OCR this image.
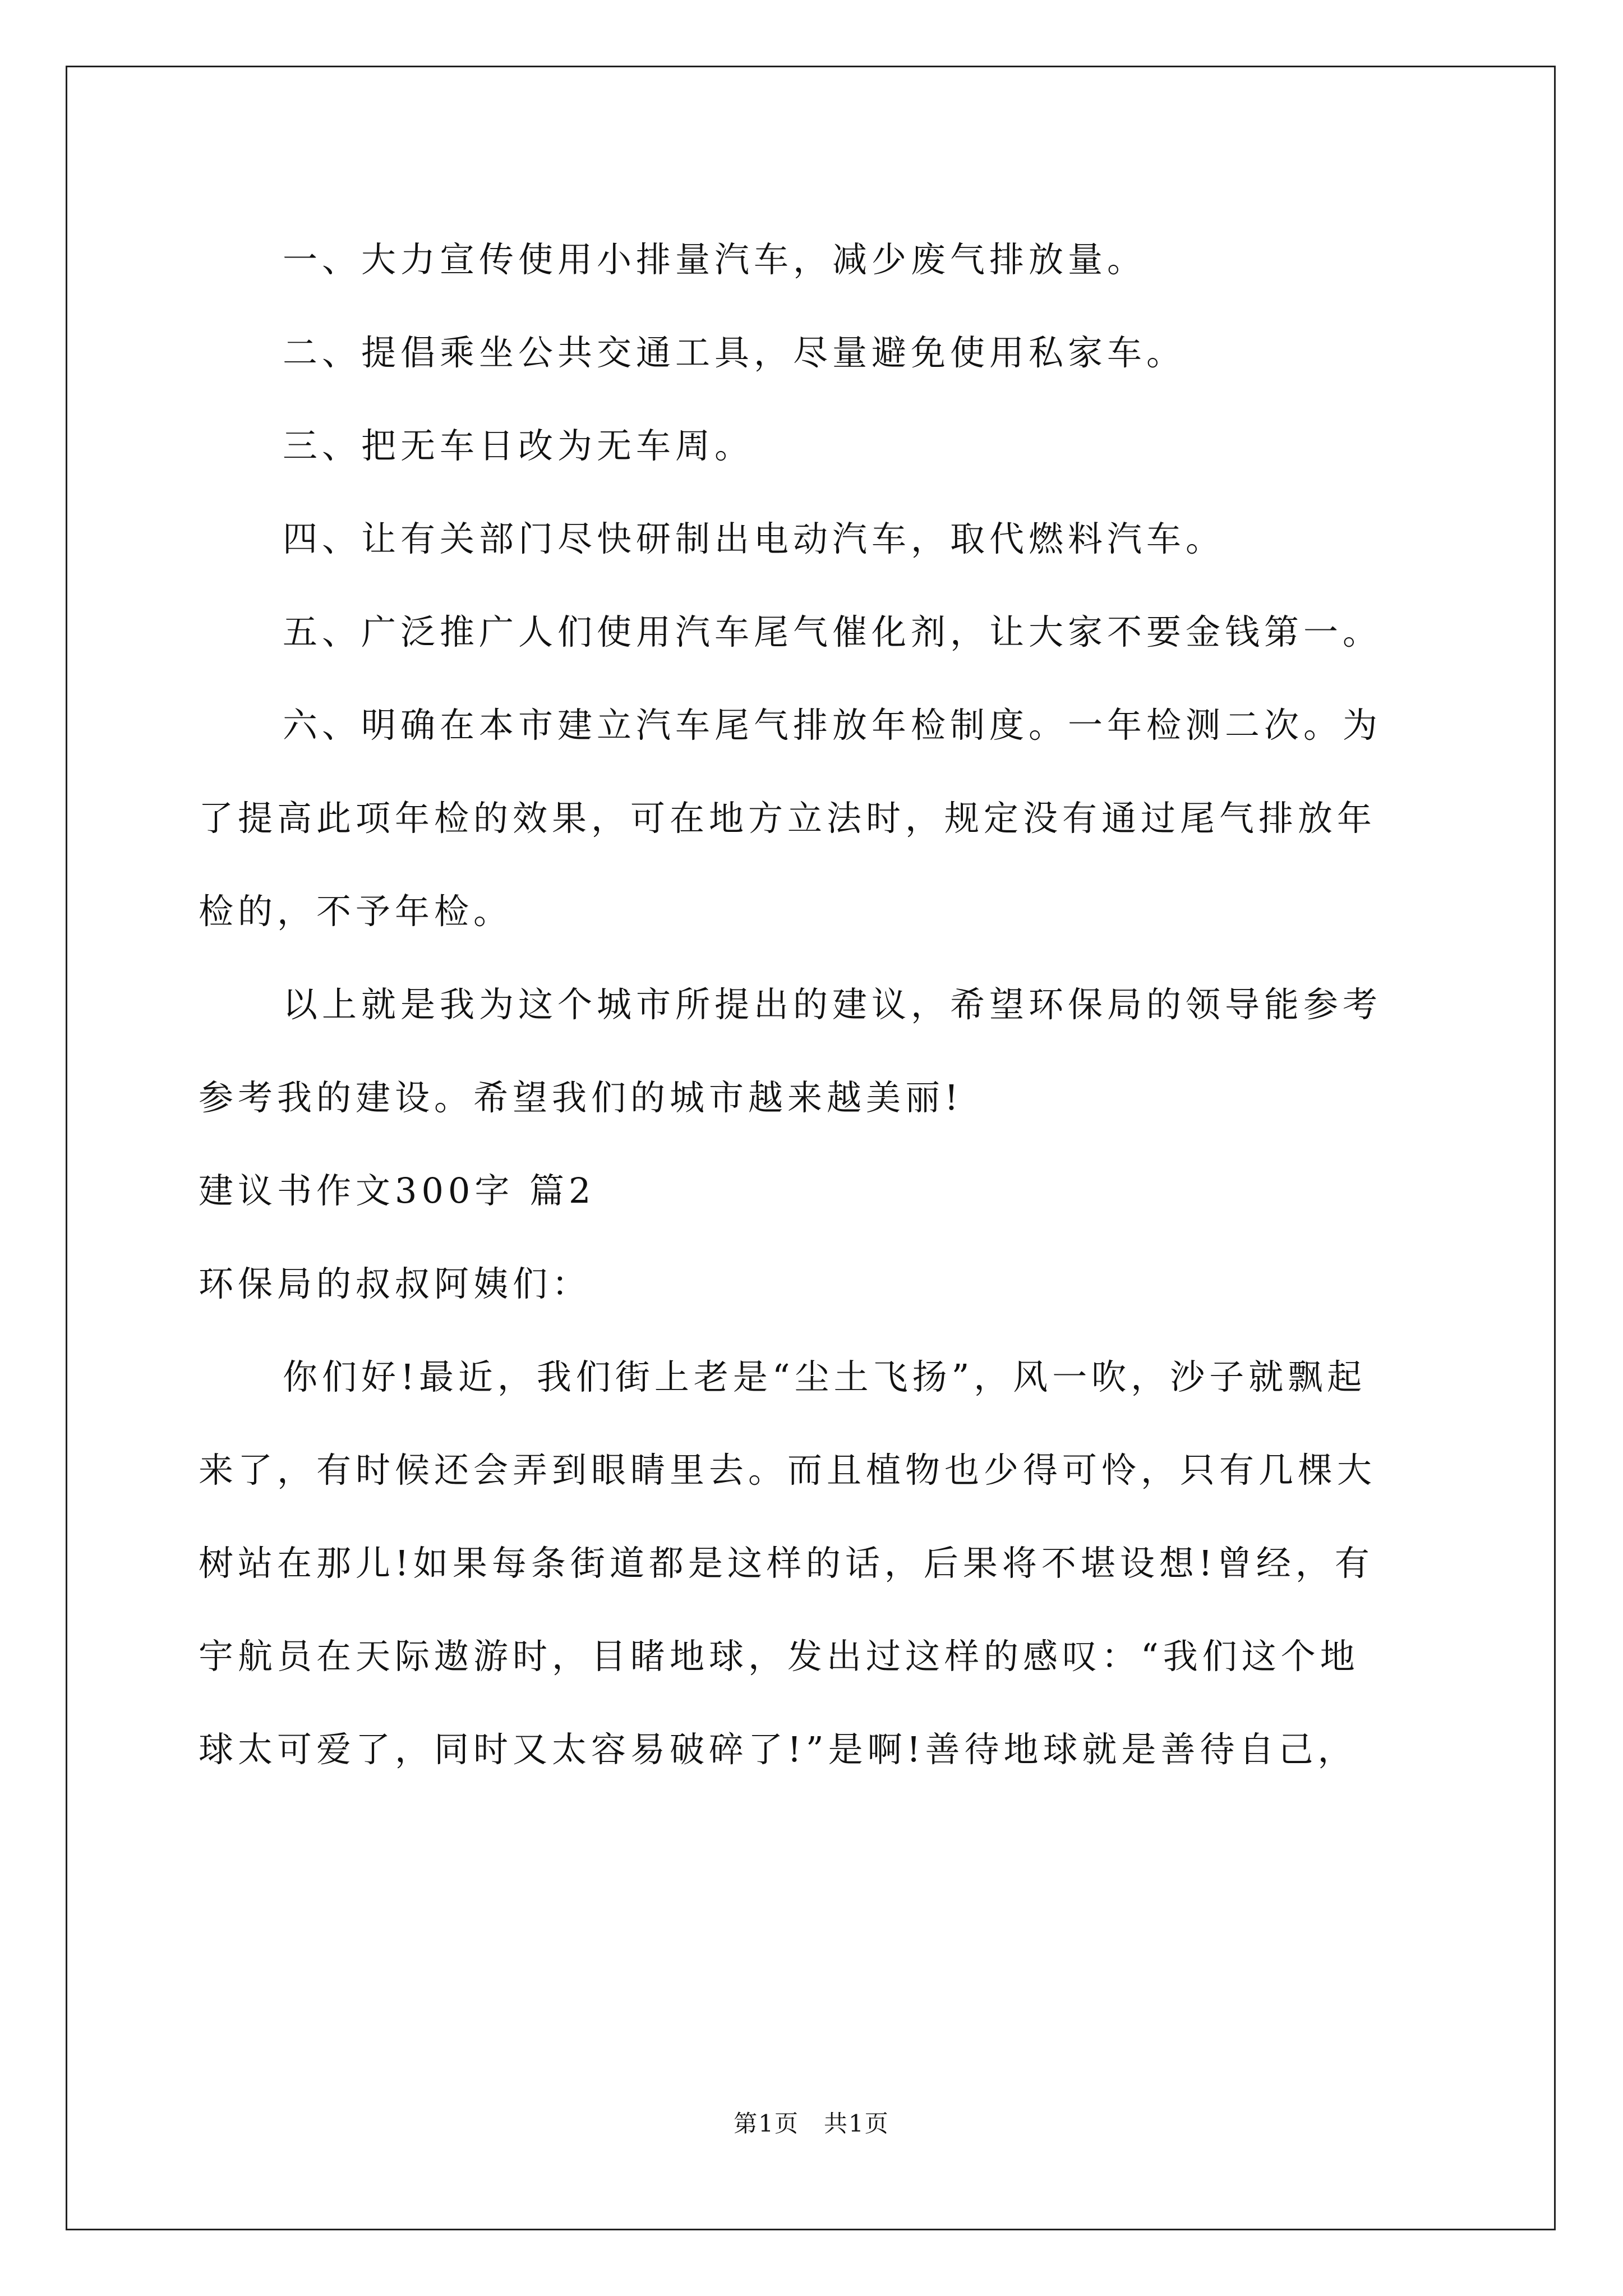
一、大力宣传使用小排量汽车，减少废气排放量。
二、提倡乘坐公共交通工具，尽量避免使用私家车。
三、把无车日改为无车周。
四、让有关部门尽快研制出电动汽车，取代燃料汽车。
五、广泛推广人们使用汽车尾气催化剂，让大家不要金钱第一。
六、明确在本市建立汽车尾气排放年检制度。一年检测二次。为
了提高此项年检的效果，可在地方立法时，规定没有通过尾气排放年
检的，不予年检。
以上就是我为这个城市所提出的建议，希望环保局的领导能参考
参考我的建设。希望我们的城市越来越美丽!
建议书作文300字 篇2
环保局的叔叔阿姨们：
你们好!最近，我们街上老是“尘土飞扬”，风一吹，沙子就飘起
来了，有时候还会弄到眼睛里去。而且植物也少得可怜，只有几棵大
树站在那儿!如果每条街道都是这样的话，后果将不堪设想!曾经，有
宇航员在天际遨游时，目睹地球，发出过这样的感叹：“我们这个地
球太可爱了，同时又太容易破碎了!”是啊!善待地球就是善待自己，
第1页　共1页
